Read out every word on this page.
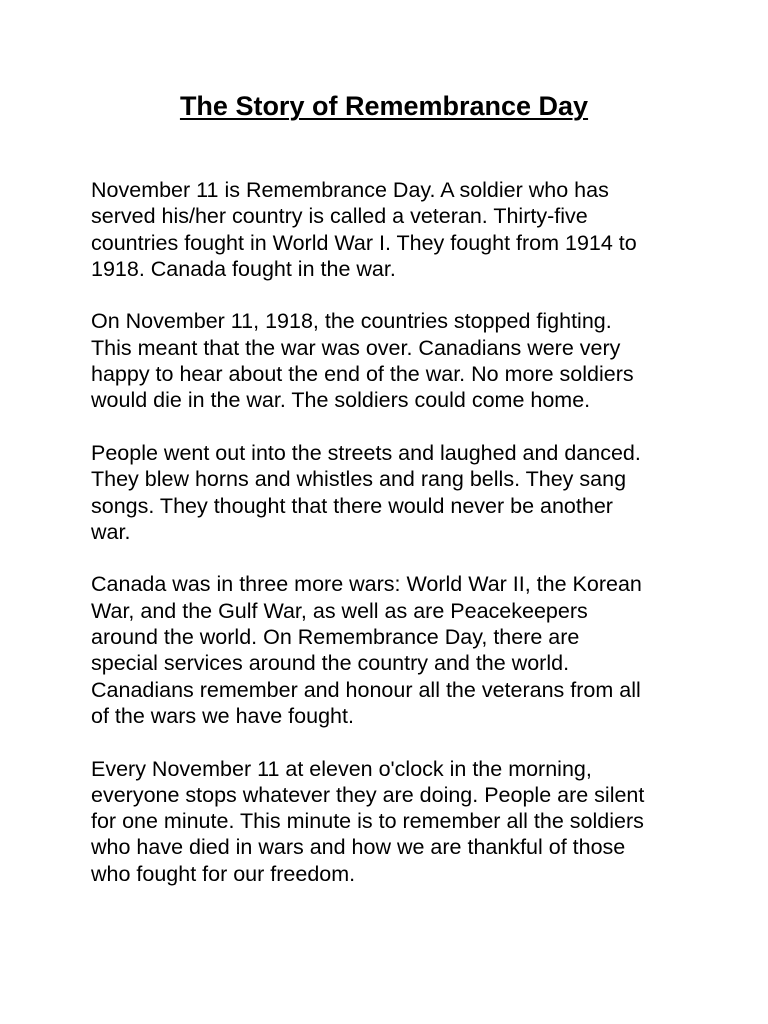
The Story of Remembrance Day

November 11 is Remembrance Day. A soldier who has
served his/her country is called a veteran. Thirty-five
countries fought in World War I. They fought from 1914 to
1918. Canada fought in the war.

On November 11, 1918, the countries stopped fighting.
This meant that the war was over. Canadians were very
happy to hear about the end of the war. No more soldiers
would die in the war. The soldiers could come home.

People went out into the streets and laughed and danced.
They blew horns and whistles and rang bells. They sang
songs. They thought that there would never be another
war.

Canada was in three more wars: World War II, the Korean
War, and the Gulf War, as well as are Peacekeepers
around the world. On Remembrance Day, there are
special services around the country and the world.
Canadians remember and honour all the veterans from all
of the wars we have fought.

Every November 11 at eleven o'clock in the morning,
everyone stops whatever they are doing. People are silent
for one minute. This minute is to remember all the soldiers
who have died in wars and how we are thankful of those
who fought for our freedom.
